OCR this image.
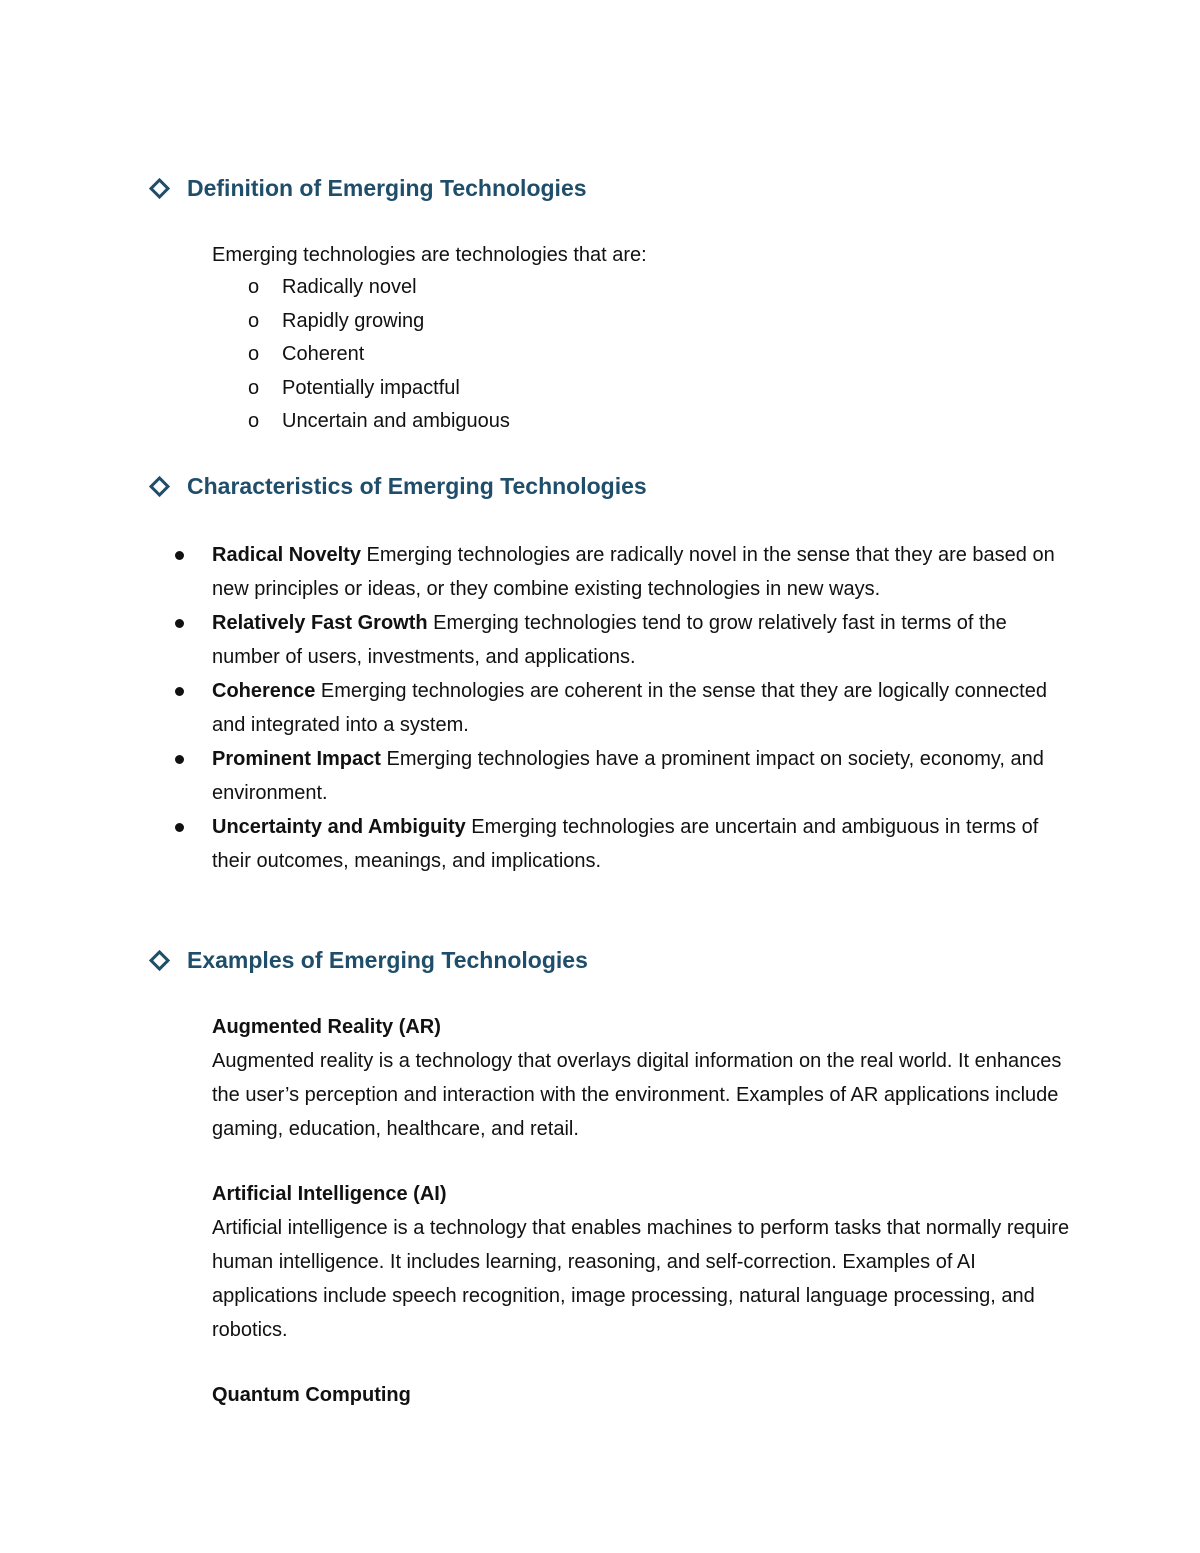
Definition of Emerging Technologies
Emerging technologies are technologies that are:
o	Radically novel
o	Rapidly growing
o	Coherent
o	Potentially impactful
o	Uncertain and ambiguous
Characteristics of Emerging Technologies
Radical Novelty Emerging technologies are radically novel in the sense that they are based on new principles or ideas, or they combine existing technologies in new ways.
Relatively Fast Growth Emerging technologies tend to grow relatively fast in terms of the number of users, investments, and applications.
Coherence Emerging technologies are coherent in the sense that they are logically connected and integrated into a system.
Prominent Impact Emerging technologies have a prominent impact on society, economy, and environment.
Uncertainty and Ambiguity Emerging technologies are uncertain and ambiguous in terms of their outcomes, meanings, and implications.
Examples of Emerging Technologies
Augmented Reality (AR)
Augmented reality is a technology that overlays digital information on the real world. It enhances the user’s perception and interaction with the environment. Examples of AR applications include gaming, education, healthcare, and retail.
Artificial Intelligence (AI)
Artificial intelligence is a technology that enables machines to perform tasks that normally require human intelligence. It includes learning, reasoning, and self-correction. Examples of AI applications include speech recognition, image processing, natural language processing, and robotics.
Quantum Computing
